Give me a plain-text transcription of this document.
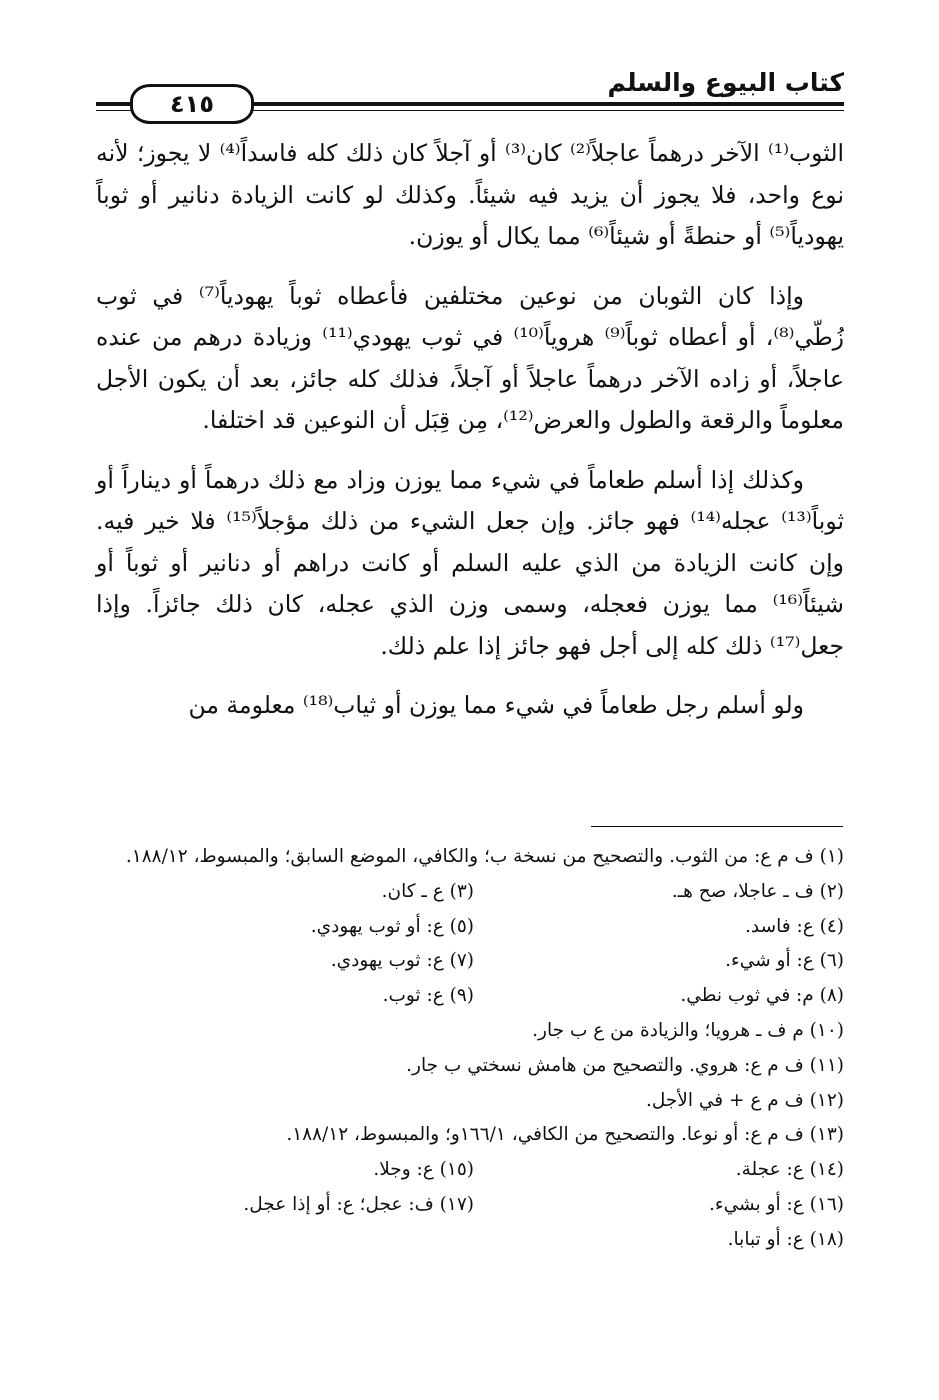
كتاب البيوع والسلم
٤١٥

الثوب⁽¹⁾ الآخر درهماً عاجلاً⁽²⁾ كان⁽³⁾ أو آجلاً كان ذلك كله فاسداً⁽⁴⁾ لا يجوز؛ لأنه نوع واحد، فلا يجوز أن يزيد فيه شيئاً. وكذلك لو كانت الزيادة دنانير أو ثوباً يهودياً⁽⁵⁾ أو حنطةً أو شيئاً⁽⁶⁾ مما يكال أو يوزن.

وإذا كان الثوبان من نوعين مختلفين فأعطاه ثوباً يهودياً⁽⁷⁾ في ثوب زُطّي⁽⁸⁾، أو أعطاه ثوباً⁽⁹⁾ هروياً⁽¹⁰⁾ في ثوب يهودي⁽¹¹⁾ وزيادة درهم من عنده عاجلاً، أو زاده الآخر درهماً عاجلاً أو آجلاً، فذلك كله جائز، بعد أن يكون الأجل معلوماً والرقعة والطول والعرض⁽¹²⁾، مِن قِبَل أن النوعين قد اختلفا.

وكذلك إذا أسلم طعاماً في شيء مما يوزن وزاد مع ذلك درهماً أو ديناراً أو ثوباً⁽¹³⁾ عجله⁽¹⁴⁾ فهو جائز. وإن جعل الشيء من ذلك مؤجلاً⁽¹⁵⁾ فلا خير فيه. وإن كانت الزيادة من الذي عليه السلم أو كانت دراهم أو دنانير أو ثوباً أو شيئاً⁽¹⁶⁾ مما يوزن فعجله، وسمى وزن الذي عجله، كان ذلك جائزاً. وإذا جعل⁽¹⁷⁾ ذلك كله إلى أجل فهو جائز إذا علم ذلك.

ولو أسلم رجل طعاماً في شيء مما يوزن أو ثياب⁽¹⁸⁾ معلومة من

(١) ف م ع: من الثوب. والتصحيح من نسخة ب؛ والكافي، الموضع السابق؛ والمبسوط، ١٨٨/١٢.
(٢) ف ـ عاجلا، صح هـ.
(٣) ع ـ كان.
(٤) ع: فاسد.
(٥) ع: أو ثوب يهودي.
(٦) ع: أو شيء.
(٧) ع: ثوب يهودي.
(٨) م: في ثوب نطي.
(٩) ع: ثوب.
(١٠) م ف ـ هرويا؛ والزيادة من ع ب جار.
(١١) ف م ع: هروي. والتصحيح من هامش نسختي ب جار.
(١٢) ف م ع + في الأجل.
(١٣) ف م ع: أو نوعا. والتصحيح من الكافي، ١٦٦/١و؛ والمبسوط، ١٨٨/١٢.
(١٤) ع: عجلة.
(١٥) ع: وجلا.
(١٦) ع: أو بشيء.
(١٧) ف: عجل؛ ع: أو إذا عجل.
(١٨) ع: أو تبابا.
